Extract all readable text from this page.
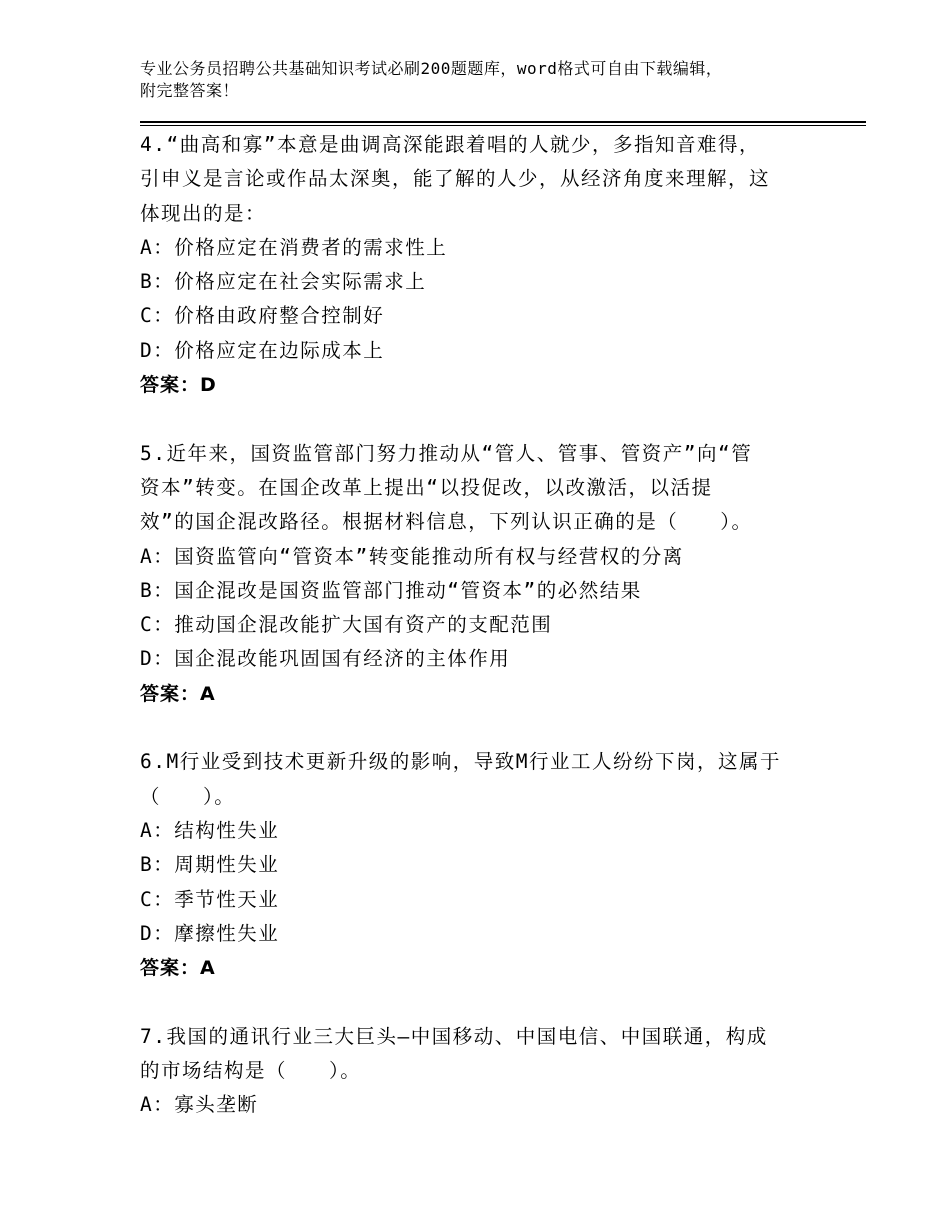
专业公务员招聘公共基础知识考试必刷200题题库，word格式可自由下载编辑，
附完整答案！
4.“曲高和寡”本意是曲调高深能跟着唱的人就少，多指知音难得，
引申义是言论或作品太深奥，能了解的人少，从经济角度来理解，这
体现出的是：
A：价格应定在消费者的需求性上
B：价格应定在社会实际需求上
C：价格由政府整合控制好
D：价格应定在边际成本上
答案：D
5.近年来，国资监管部门努力推动从“管人、管事、管资产”向“管
资本”转变。在国企改革上提出“以投促改，以改激活，以活提
效”的国企混改路径。根据材料信息，下列认识正确的是（　　）。
A：国资监管向“管资本”转变能推动所有权与经营权的分离
B：国企混改是国资监管部门推动“管资本”的必然结果
C：推动国企混改能扩大国有资产的支配范围
D：国企混改能巩固国有经济的主体作用
答案：A
6.M行业受到技术更新升级的影响，导致M行业工人纷纷下岗，这属于
（　　）。
A：结构性失业
B：周期性失业
C：季节性天业
D：摩擦性失业
答案：A
7.我国的通讯行业三大巨头—中国移动、中国电信、中国联通，构成
的市场结构是（　　）。
A：寡头垄断
